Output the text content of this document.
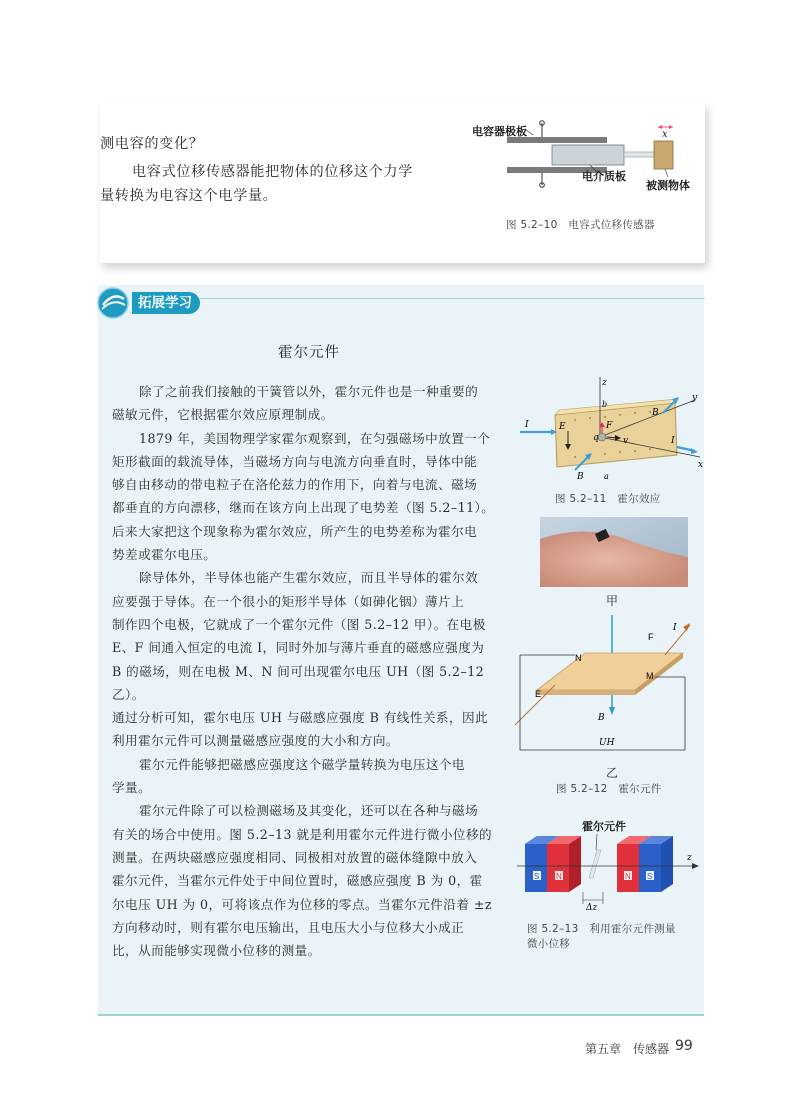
测电容的变化？
电容式位移传感器能把物体的位移这个力学
量转换为电容这个电学量。
x
电容器极板
电介质板
被测物体
图 5.2–10　电容式位移传感器
拓展学习
霍尔元件
除了之前我们接触的干簧管以外，霍尔元件也是一种重要的
磁敏元件，它根据霍尔效应原理制成。
1879 年，美国物理学家霍尔观察到，在匀强磁场中放置一个
矩形截面的载流导体，当磁场方向与电流方向垂直时，导体中能
够自由移动的带电粒子在洛伦兹力的作用下，向着与电流、磁场
都垂直的方向漂移，继而在该方向上出现了电势差（图 5.2–11）。
后来大家把这个现象称为霍尔效应，所产生的电势差称为霍尔电
势差或霍尔电压。
除导体外，半导体也能产生霍尔效应，而且半导体的霍尔效
应要强于导体。在一个很小的矩形半导体（如砷化铟）薄片上
制作四个电极，它就成了一个霍尔元件（图 5.2–12 甲）。在电极
E、F 间通入恒定的电流 I，同时外加与薄片垂直的磁感应强度为
B 的磁场，则在电极 M、N 间可出现霍尔电压 UH（图 5.2–12 乙）。
通过分析可知，霍尔电压 UH 与磁感应强度 B 有线性关系，因此
利用霍尔元件可以测量磁感应强度的大小和方向。
霍尔元件能够把磁感应强度这个磁学量转换为电压这个电
学量。
霍尔元件除了可以检测磁场及其变化，还可以在各种与磁场
有关的场合中使用。图 5.2–13 就是利用霍尔元件进行微小位移的
测量。在两块磁感应强度相同、同极相对放置的磁体缝隙中放入
霍尔元件，当霍尔元件处于中间位置时，磁感应强度 B 为 0，霍
尔电压 UH 为 0，可将该点作为位移的零点。当霍尔元件沿着 ±z
方向移动时，则有霍尔电压输出，且电压大小与位移大小成正
比，从而能够实现微小位移的测量。
z
y
x
I
I
B
B
E
q
F
v
b
a
图 5.2–11　霍尔效应
甲
N
M
E
F
I
B
UH
乙
图 5.2–12　霍尔元件
霍尔元件
S N	N S
z
Δz
图 5.2–13　利用霍尔元件测量
微小位移
第五章　传感器 99
